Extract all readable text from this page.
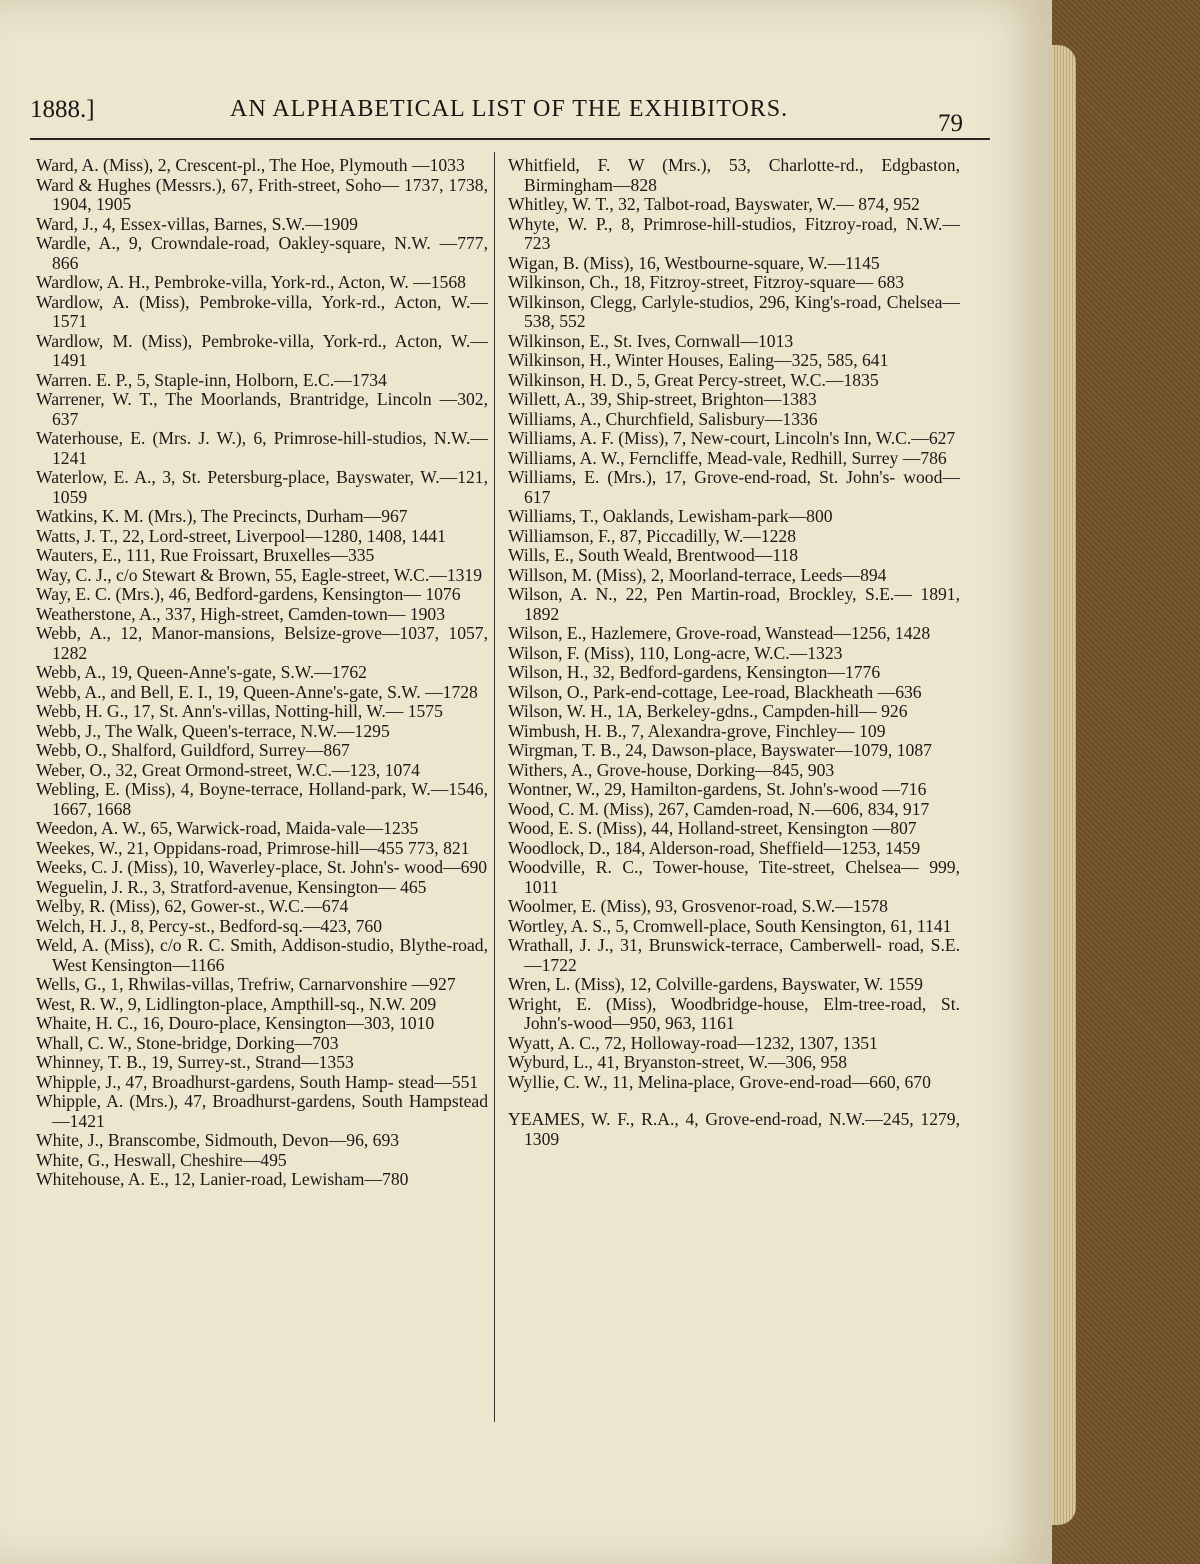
1888.]	AN ALPHABETICAL LIST OF THE EXHIBITORS.
79

Ward, A. (Miss), 2, Crescent-pl., The Hoe, Plymouth —1033

Ward & Hughes (Messrs.), 67, Frith-street, Soho— 1737, 1738, 1904, 1905

Ward, J., 4, Essex-villas, Barnes, S.W.—1909

Wardle, A., 9, Crowndale-road, Oakley-square, N.W. —777, 866

Wardlow, A. H., Pembroke-villa, York-rd., Acton, W. —1568

Wardlow, A. (Miss), Pembroke-villa, York-rd., Acton, W.—1571

Wardlow, M. (Miss), Pembroke-villa, York-rd., Acton, W.—1491

Warren. E. P., 5, Staple-inn, Holborn, E.C.—1734

Warrener, W. T., The Moorlands, Brantridge, Lincoln —302, 637

Waterhouse, E. (Mrs. J. W.), 6, Primrose-hill-studios, N.W.—1241

Waterlow, E. A., 3, St. Petersburg-place, Bayswater, W.—121, 1059

Watkins, K. M. (Mrs.), The Precincts, Durham—967

Watts, J. T., 22, Lord-street, Liverpool—1280, 1408, 1441

Wauters, E., 111, Rue Froissart, Bruxelles—335

Way, C. J., c/o Stewart & Brown, 55, Eagle-street, W.C.—1319

Way, E. C. (Mrs.), 46, Bedford-gardens, Kensington— 1076

Weatherstone, A., 337, High-street, Camden-town— 1903

Webb, A., 12, Manor-mansions, Belsize-grove—1037, 1057, 1282

Webb, A., 19, Queen-Anne's-gate, S.W.—1762

Webb, A., and Bell, E. I., 19, Queen-Anne's-gate, S.W. —1728

Webb, H. G., 17, St. Ann's-villas, Notting-hill, W.— 1575

Webb, J., The Walk, Queen's-terrace, N.W.—1295

Webb, O., Shalford, Guildford, Surrey—867

Weber, O., 32, Great Ormond-street, W.C.—123, 1074

Webling, E. (Miss), 4, Boyne-terrace, Holland-park, W.—1546, 1667, 1668

Weedon, A. W., 65, Warwick-road, Maida-vale—1235

Weekes, W., 21, Oppidans-road, Primrose-hill—455 773, 821

Weeks, C. J. (Miss), 10, Waverley-place, St. John's- wood—690

Weguelin, J. R., 3, Stratford-avenue, Kensington— 465

Welby, R. (Miss), 62, Gower-st., W.C.—674

Welch, H. J., 8, Percy-st., Bedford-sq.—423, 760

Weld, A. (Miss), c/o R. C. Smith, Addison-studio, Blythe-road, West Kensington—1166

Wells, G., 1, Rhwilas-villas, Trefriw, Carnarvonshire —927

West, R. W., 9, Lidlington-place, Ampthill-sq., N.W. 209

Whaite, H. C., 16, Douro-place, Kensington—303, 1010

Whall, C. W., Stone-bridge, Dorking—703

Whinney, T. B., 19, Surrey-st., Strand—1353

Whipple, J., 47, Broadhurst-gardens, South Hamp- stead—551

Whipple, A. (Mrs.), 47, Broadhurst-gardens, South Hampstead—1421

White, J., Branscombe, Sidmouth, Devon—96, 693

White, G., Heswall, Cheshire—495

Whitehouse, A. E., 12, Lanier-road, Lewisham—780

Whitfield, F. W (Mrs.), 53, Charlotte-rd., Edgbaston, Birmingham—828

Whitley, W. T., 32, Talbot-road, Bayswater, W.— 874, 952

Whyte, W. P., 8, Primrose-hill-studios, Fitzroy-road, N.W.—723

Wigan, B. (Miss), 16, Westbourne-square, W.—1145

Wilkinson, Ch., 18, Fitzroy-street, Fitzroy-square— 683

Wilkinson, Clegg, Carlyle-studios, 296, King's-road, Chelsea—538, 552

Wilkinson, E., St. Ives, Cornwall—1013

Wilkinson, H., Winter Houses, Ealing—325, 585, 641

Wilkinson, H. D., 5, Great Percy-street, W.C.—1835

Willett, A., 39, Ship-street, Brighton—1383

Williams, A., Churchfield, Salisbury—1336

Williams, A. F. (Miss), 7, New-court, Lincoln's Inn, W.C.—627

Williams, A. W., Ferncliffe, Mead-vale, Redhill, Surrey —786

Williams, E. (Mrs.), 17, Grove-end-road, St. John's- wood—617

Williams, T., Oaklands, Lewisham-park—800

Williamson, F., 87, Piccadilly, W.—1228

Wills, E., South Weald, Brentwood—118

Willson, M. (Miss), 2, Moorland-terrace, Leeds—894

Wilson, A. N., 22, Pen Martin-road, Brockley, S.E.— 1891, 1892

Wilson, E., Hazlemere, Grove-road, Wanstead—1256, 1428

Wilson, F. (Miss), 110, Long-acre, W.C.—1323

Wilson, H., 32, Bedford-gardens, Kensington—1776

Wilson, O., Park-end-cottage, Lee-road, Blackheath —636

Wilson, W. H., 1A, Berkeley-gdns., Campden-hill— 926

Wimbush, H. B., 7, Alexandra-grove, Finchley— 109

Wirgman, T. B., 24, Dawson-place, Bayswater—1079, 1087

Withers, A., Grove-house, Dorking—845, 903

Wontner, W., 29, Hamilton-gardens, St. John's-wood —716

Wood, C. M. (Miss), 267, Camden-road, N.—606, 834, 917

Wood, E. S. (Miss), 44, Holland-street, Kensington —807

Woodlock, D., 184, Alderson-road, Sheffield—1253, 1459

Woodville, R. C., Tower-house, Tite-street, Chelsea— 999, 1011

Woolmer, E. (Miss), 93, Grosvenor-road, S.W.—1578

Wortley, A. S., 5, Cromwell-place, South Kensington, 61, 1141

Wrathall, J. J., 31, Brunswick-terrace, Camberwell- road, S.E.—1722

Wren, L. (Miss), 12, Colville-gardens, Bayswater, W. 1559

Wright, E. (Miss), Woodbridge-house, Elm-tree-road, St. John's-wood—950, 963, 1161

Wyatt, A. C., 72, Holloway-road—1232, 1307, 1351

Wyburd, L., 41, Bryanston-street, W.—306, 958

Wyllie, C. W., 11, Melina-place, Grove-end-road—660, 670

YEAMES, W. F., R.A., 4, Grove-end-road, N.W.—245, 1279, 1309
